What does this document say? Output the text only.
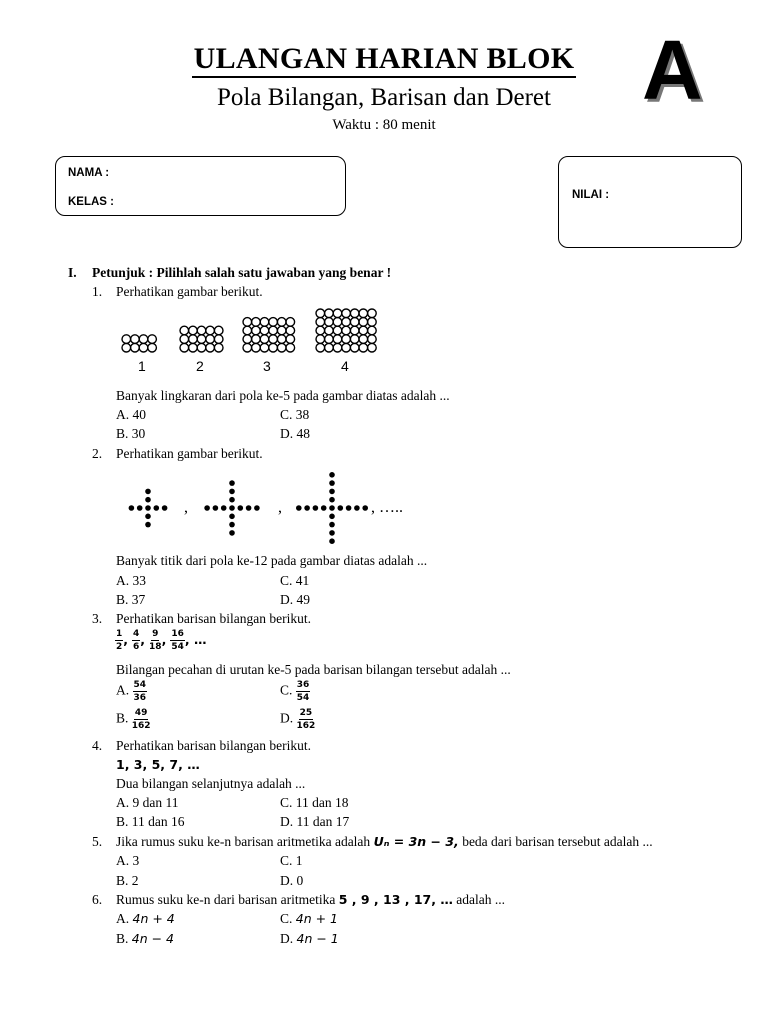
ULANGAN HARIAN BLOK
Pola Bilangan, Barisan dan Deret
Waktu : 80 menit
A
NAMA :
KELAS :
NILAI :
I. Petunjuk : Pilihlah salah satu jawaban yang benar !
1. Perhatikan gambar berikut.
1	2	3	4
Banyak lingkaran dari pola ke-5 pada gambar diatas adalah ...
A. 40	C. 38
B. 30	D. 48
2. Perhatikan gambar berikut.
,	,	, …..
Banyak titik dari pola ke-12 pada gambar diatas adalah ...
A. 33	C. 41
B. 37	D. 49
3. Perhatikan barisan bilangan berikut.
$\frac{1}{2}$ , $\frac{4}{6}$ , $\frac{9}{18}$ , $\frac{16}{54}$ , …
Bilangan pecahan di urutan ke-5 pada barisan bilangan tersebut adalah ...
A. $\frac{54}{36}$	C. $\frac{36}{54}$
B. $\frac{49}{162}$	D. $\frac{25}{162}$
4. Perhatikan barisan bilangan berikut.
1, 3, 5, 7, …
Dua bilangan selanjutnya adalah ...
A. 9 dan 11	C. 11 dan 18
B. 11 dan 16	D. 11 dan 17
5. Jika rumus suku ke-n barisan aritmetika adalah Uₙ = 3n − 3, beda dari barisan tersebut adalah ...
A. 3	C. 1
B. 2	D. 0
6. Rumus suku ke-n dari barisan aritmetika 5 , 9 , 13 , 17, … adalah ...
A. 4n + 4	C. 4n + 1
B. 4n − 4	D. 4n − 1
